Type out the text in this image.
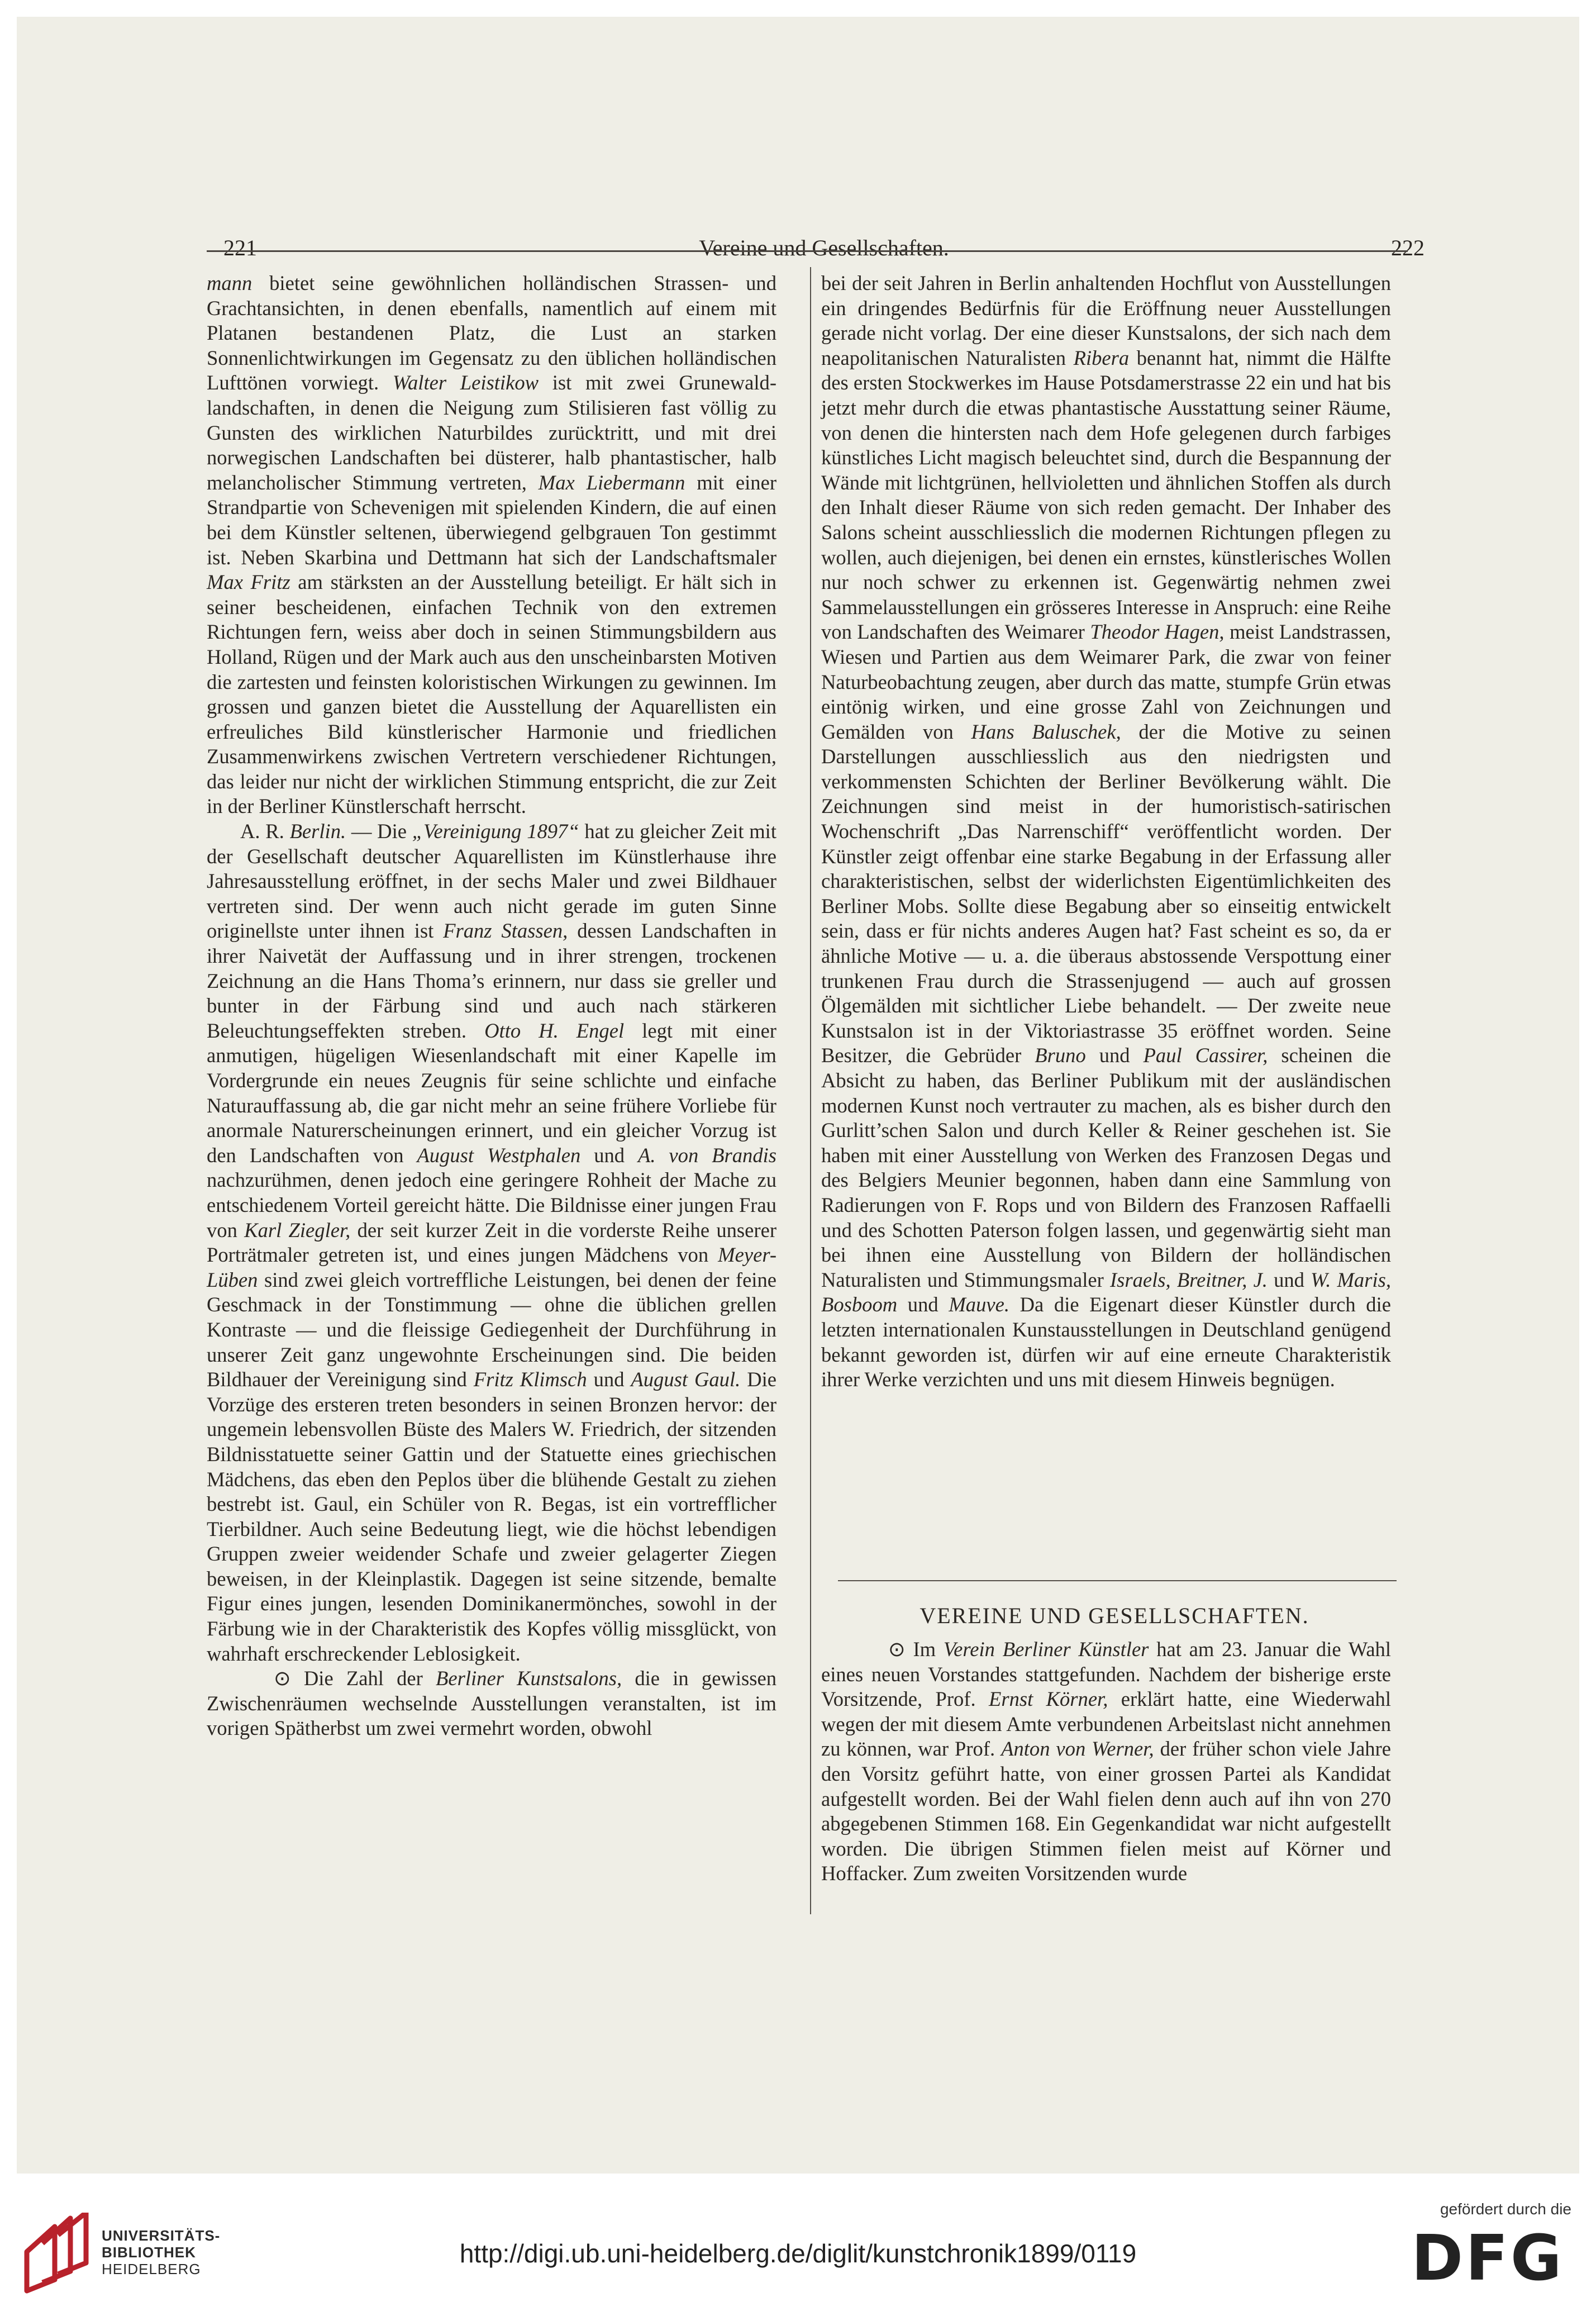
221	Vereine und Gesellschaften.	222

mann bietet seine gewöhnlichen holländischen Strassen- und Grachtansichten, in denen ebenfalls, namentlich auf einem mit Platanen bestandenen Platz, die Lust an starken Sonnenlichtwirkungen im Gegensatz zu den üblichen holländischen Lufttönen vorwiegt. Walter Leistikow ist mit zwei Grunewald-landschaften, in denen die Neigung zum Stilisieren fast völlig zu Gunsten des wirklichen Naturbildes zurücktritt, und mit drei norwegischen Landschaften bei düsterer, halb phantastischer, halb melancholischer Stimmung vertreten, Max Liebermann mit einer Strandpartie von Schevenigen mit spielenden Kindern, die auf einen bei dem Künstler seltenen, überwiegend gelbgrauen Ton gestimmt ist. Neben Skarbina und Dettmann hat sich der Landschaftsmaler Max Fritz am stärksten an der Ausstellung beteiligt. Er hält sich in seiner bescheidenen, einfachen Technik von den extremen Richtungen fern, weiss aber doch in seinen Stimmungsbildern aus Holland, Rügen und der Mark auch aus den unscheinbarsten Motiven die zartesten und feinsten koloristischen Wirkungen zu gewinnen. Im grossen und ganzen bietet die Ausstellung der Aquarellisten ein erfreuliches Bild künstlerischer Harmonie und friedlichen Zusammenwirkens zwischen Vertretern verschiedener Richtungen, das leider nur nicht der wirklichen Stimmung entspricht, die zur Zeit in der Berliner Künstlerschaft herrscht.

A. R. Berlin. — Die „Vereinigung 1897“ hat zu gleicher Zeit mit der Gesellschaft deutscher Aquarellisten im Künstlerhause ihre Jahresausstellung eröffnet, in der sechs Maler und zwei Bildhauer vertreten sind. Der wenn auch nicht gerade im guten Sinne originellste unter ihnen ist Franz Stassen, dessen Landschaften in ihrer Naivetät der Auffassung und in ihrer strengen, trockenen Zeichnung an die Hans Thoma’s erinnern, nur dass sie greller und bunter in der Färbung sind und auch nach stärkeren Beleuchtungseffekten streben. Otto H. Engel legt mit einer anmutigen, hügeligen Wiesenlandschaft mit einer Kapelle im Vordergrunde ein neues Zeugnis für seine schlichte und einfache Naturauffassung ab, die gar nicht mehr an seine frühere Vorliebe für anormale Naturerscheinungen erinnert, und ein gleicher Vorzug ist den Landschaften von August Westphalen und A. von Brandis nachzurühmen, denen jedoch eine geringere Rohheit der Mache zu entschiedenem Vorteil gereicht hätte. Die Bildnisse einer jungen Frau von Karl Ziegler, der seit kurzer Zeit in die vorderste Reihe unserer Porträtmaler getreten ist, und eines jungen Mädchens von Meyer-Lüben sind zwei gleich vortreffliche Leistungen, bei denen der feine Geschmack in der Tonstimmung — ohne die üblichen grellen Kontraste — und die fleissige Gediegenheit der Durchführung in unserer Zeit ganz ungewohnte Erscheinungen sind. Die beiden Bildhauer der Vereinigung sind Fritz Klimsch und August Gaul. Die Vorzüge des ersteren treten besonders in seinen Bronzen hervor: der ungemein lebensvollen Büste des Malers W. Friedrich, der sitzenden Bildnisstatuette seiner Gattin und der Statuette eines griechischen Mädchens, das eben den Peplos über die blühende Gestalt zu ziehen bestrebt ist. Gaul, ein Schüler von R. Begas, ist ein vortrefflicher Tierbildner. Auch seine Bedeutung liegt, wie die höchst lebendigen Gruppen zweier weidender Schafe und zweier gelagerter Ziegen beweisen, in der Kleinplastik. Dagegen ist seine sitzende, bemalte Figur eines jungen, lesenden Dominikanermönches, sowohl in der Färbung wie in der Charakteristik des Kopfes völlig missglückt, von wahrhaft erschreckender Leblosigkeit.

⊙ Die Zahl der Berliner Kunstsalons, die in gewissen Zwischenräumen wechselnde Ausstellungen veranstalten, ist im vorigen Spätherbst um zwei vermehrt worden, obwohl

bei der seit Jahren in Berlin anhaltenden Hochflut von Ausstellungen ein dringendes Bedürfnis für die Eröffnung neuer Ausstellungen gerade nicht vorlag. Der eine dieser Kunstsalons, der sich nach dem neapolitanischen Naturalisten Ribera benannt hat, nimmt die Hälfte des ersten Stockwerkes im Hause Potsdamerstrasse 22 ein und hat bis jetzt mehr durch die etwas phantastische Ausstattung seiner Räume, von denen die hintersten nach dem Hofe gelegenen durch farbiges künstliches Licht magisch beleuchtet sind, durch die Bespannung der Wände mit lichtgrünen, hellvioletten und ähnlichen Stoffen als durch den Inhalt dieser Räume von sich reden gemacht. Der Inhaber des Salons scheint ausschliesslich die modernen Richtungen pflegen zu wollen, auch diejenigen, bei denen ein ernstes, künstlerisches Wollen nur noch schwer zu erkennen ist. Gegenwärtig nehmen zwei Sammelausstellungen ein grösseres Interesse in Anspruch: eine Reihe von Landschaften des Weimarer Theodor Hagen, meist Landstrassen, Wiesen und Partien aus dem Weimarer Park, die zwar von feiner Naturbeobachtung zeugen, aber durch das matte, stumpfe Grün etwas eintönig wirken, und eine grosse Zahl von Zeichnungen und Gemälden von Hans Baluschek, der die Motive zu seinen Darstellungen ausschliesslich aus den niedrigsten und verkommensten Schichten der Berliner Bevölkerung wählt. Die Zeichnungen sind meist in der humoristisch-satirischen Wochenschrift „Das Narrenschiff“ veröffentlicht worden. Der Künstler zeigt offenbar eine starke Begabung in der Erfassung aller charakteristischen, selbst der widerlichsten Eigentümlichkeiten des Berliner Mobs. Sollte diese Begabung aber so einseitig entwickelt sein, dass er für nichts anderes Augen hat? Fast scheint es so, da er ähnliche Motive — u. a. die überaus abstossende Verspottung einer trunkenen Frau durch die Strassenjugend — auch auf grossen Ölgemälden mit sichtlicher Liebe behandelt. — Der zweite neue Kunstsalon ist in der Viktoriastrasse 35 eröffnet worden. Seine Besitzer, die Gebrüder Bruno und Paul Cassirer, scheinen die Absicht zu haben, das Berliner Publikum mit der ausländischen modernen Kunst noch vertrauter zu machen, als es bisher durch den Gurlitt’schen Salon und durch Keller & Reiner geschehen ist. Sie haben mit einer Ausstellung von Werken des Franzosen Degas und des Belgiers Meunier begonnen, haben dann eine Sammlung von Radierungen von F. Rops und von Bildern des Franzosen Raffaelli und des Schotten Paterson folgen lassen, und gegenwärtig sieht man bei ihnen eine Ausstellung von Bildern der holländischen Naturalisten und Stimmungsmaler Israels, Breitner, J. und W. Maris, Bosboom und Mauve. Da die Eigenart dieser Künstler durch die letzten internationalen Kunstausstellungen in Deutschland genügend bekannt geworden ist, dürfen wir auf eine erneute Charakteristik ihrer Werke verzichten und uns mit diesem Hinweis begnügen.

VEREINE UND GESELLSCHAFTEN.

⊙ Im Verein Berliner Künstler hat am 23. Januar die Wahl eines neuen Vorstandes stattgefunden. Nachdem der bisherige erste Vorsitzende, Prof. Ernst Körner, erklärt hatte, eine Wiederwahl wegen der mit diesem Amte verbundenen Arbeitslast nicht annehmen zu können, war Prof. Anton von Werner, der früher schon viele Jahre den Vorsitz geführt hatte, von einer grossen Partei als Kandidat aufgestellt worden. Bei der Wahl fielen denn auch auf ihn von 270 abgegebenen Stimmen 168. Ein Gegenkandidat war nicht aufgestellt worden. Die übrigen Stimmen fielen meist auf Körner und Hoffacker. Zum zweiten Vorsitzenden wurde

UNIVERSITÄTS-
BIBLIOTHEK
HEIDELBERG
http://digi.ub.uni-heidelberg.de/diglit/kunstchronik1899/0119
gefördert durch die
DFG
